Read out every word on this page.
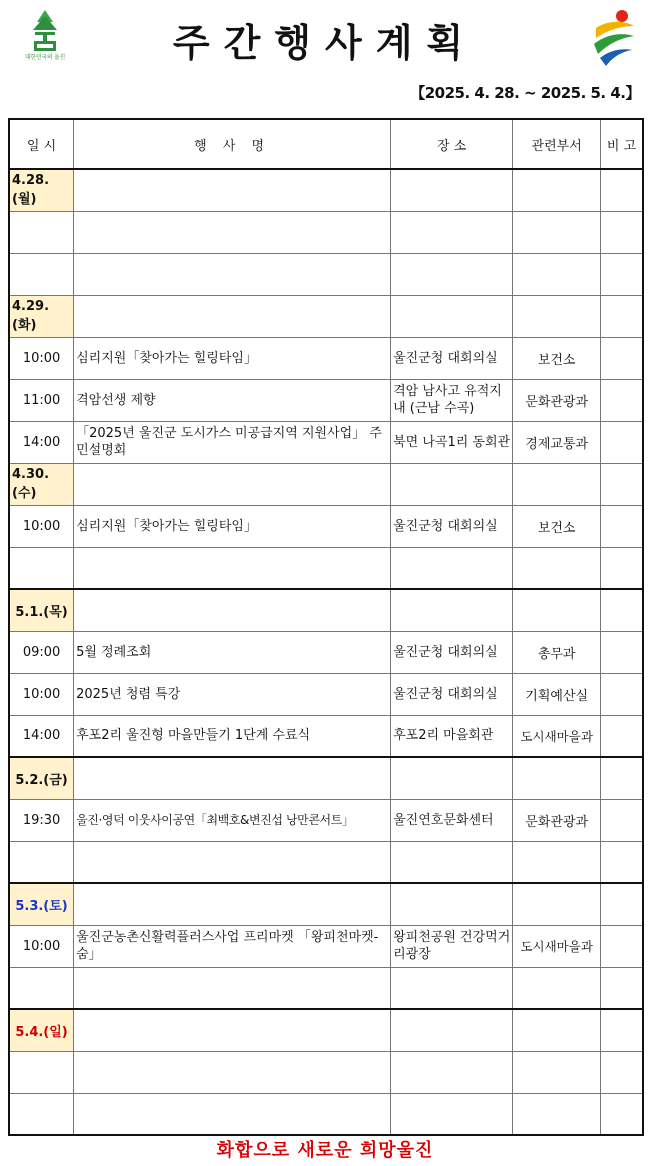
대한민국의 울진	주간행사계획
【2025. 4. 28. ~ 2025. 5. 4.】
일 시	행 사 명	장 소	관련부서	비 고
4.28.(월)				

4.29.(화)				
10:00	심리지원「찾아가는 힐링타임」	울진군청 대회의실	보건소	
11:00	격암선생 제향	격암 남사고 유적지 내 (근남 수곡)	문화관광과	
14:00	「2025년 울진군 도시가스 미공급지역 지원사업」 주민설명회	북면 나곡1리 동회관	경제교통과	
4.30.(수)				
10:00	심리지원「찾아가는 힐링타임」	울진군청 대회의실	보건소	

5.1.(목)				
09:00	5월 정례조회	울진군청 대회의실	총무과	
10:00	2025년 청렴 특강	울진군청 대회의실	기획예산실	
14:00	후포2리 울진형 마을만들기 1단계 수료식	후포2리 마을회관	도시새마을과	
5.2.(금)				
19:30	울진·영덕 이웃사이공연「최백호&변진섭 낭만콘서트」	울진연호문화센터	문화관광과	

5.3.(토)				
10:00	울진군농촌신활력플러스사업 프리마켓 「왕피천마켓-숨」	왕피천공원 건강먹거리광장	도시새마을과	

5.4.(일)				

화합으로 새로운 희망울진
